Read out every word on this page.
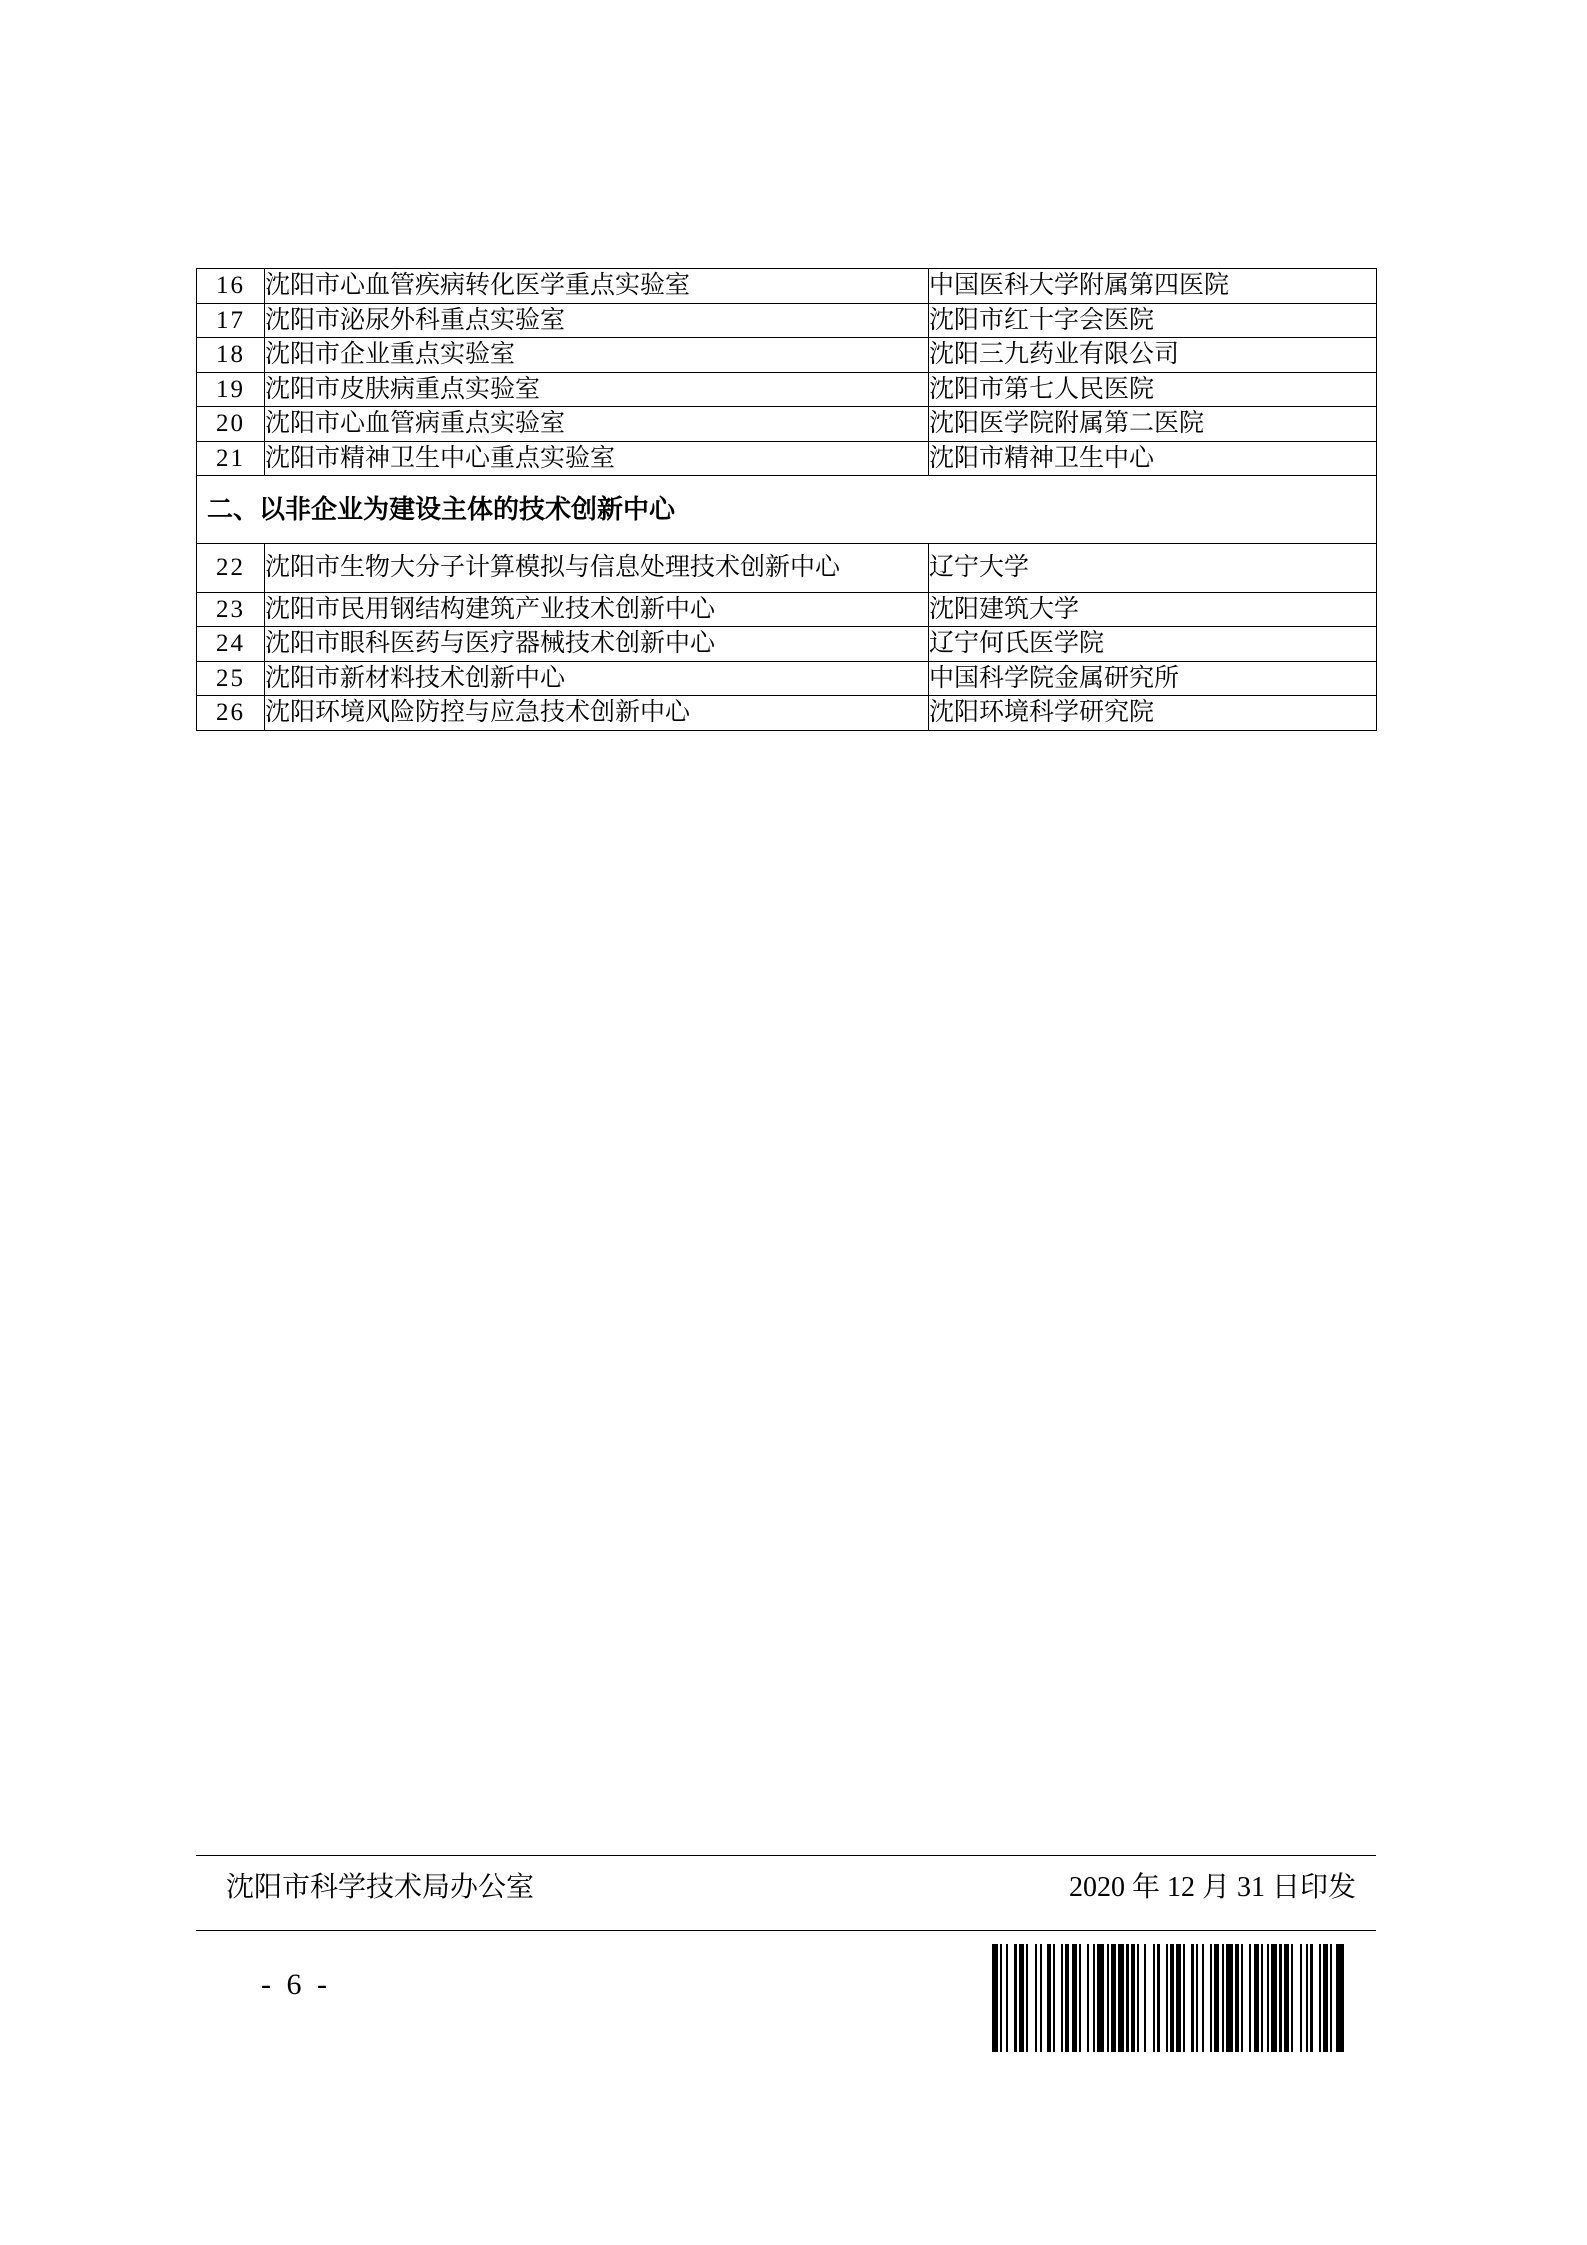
16	沈阳市心血管疾病转化医学重点实验室	中国医科大学附属第四医院
17	沈阳市泌尿外科重点实验室	沈阳市红十字会医院
18	沈阳市企业重点实验室	沈阳三九药业有限公司
19	沈阳市皮肤病重点实验室	沈阳市第七人民医院
20	沈阳市心血管病重点实验室	沈阳医学院附属第二医院
21	沈阳市精神卫生中心重点实验室	沈阳市精神卫生中心
二、以非企业为建设主体的技术创新中心		
22	沈阳市生物大分子计算模拟与信息处理技术创新中心	辽宁大学
23	沈阳市民用钢结构建筑产业技术创新中心	沈阳建筑大学
24	沈阳市眼科医药与医疗器械技术创新中心	辽宁何氏医学院
25	沈阳市新材料技术创新中心	中国科学院金属研究所
26	沈阳环境风险防控与应急技术创新中心	沈阳环境科学研究院
沈阳市科学技术局办公室	2020 年 12 月 31 日印发
- 6 -
